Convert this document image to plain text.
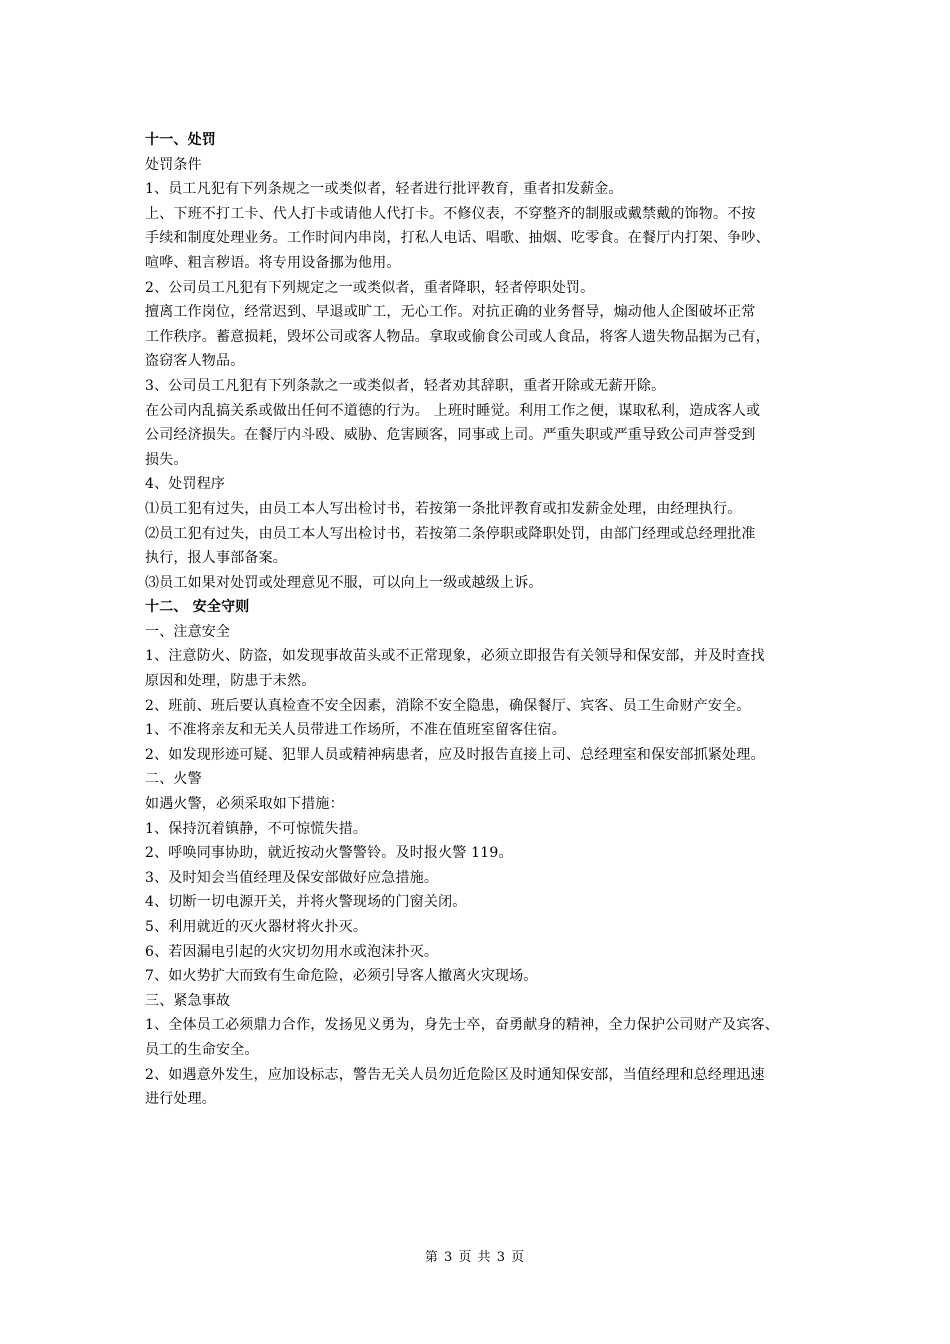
十一、处罚
处罚条件
1、员工凡犯有下列条规之一或类似者，轻者进行批评教育，重者扣发薪金。
上、下班不打工卡、代人打卡或请他人代打卡。不修仪表，不穿整齐的制服或戴禁戴的饰物。不按
手续和制度处理业务。工作时间内串岗，打私人电话、唱歌、抽烟、吃零食。在餐厅内打架、争吵、
喧哗、粗言秽语。将专用设备挪为他用。
2、公司员工凡犯有下列规定之一或类似者，重者降职，轻者停职处罚。
擅离工作岗位，经常迟到、早退或旷工，无心工作。对抗正确的业务督导，煽动他人企图破坏正常
工作秩序。蓄意损耗，毁坏公司或客人物品。拿取或偷食公司或人食品，将客人遗失物品据为己有，
盗窃客人物品。
3、公司员工凡犯有下列条款之一或类似者，轻者劝其辞职，重者开除或无薪开除。
在公司内乱搞关系或做出任何不道德的行为。 上班时睡觉。利用工作之便，谋取私利，造成客人或
公司经济损失。在餐厅内斗殴、威胁、危害顾客，同事或上司。严重失职或严重导致公司声誉受到
损失。
4、处罚程序
⑴员工犯有过失，由员工本人写出检讨书，若按第一条批评教育或扣发薪金处理，由经理执行。
⑵员工犯有过失，由员工本人写出检讨书，若按第二条停职或降职处罚，由部门经理或总经理批准
执行，报人事部备案。
⑶员工如果对处罚或处理意见不服，可以向上一级或越级上诉。
十二、 安全守则
一、注意安全
1、注意防火、防盗，如发现事故苗头或不正常现象，必须立即报告有关领导和保安部，并及时查找
原因和处理，防患于未然。
2、班前、班后要认真检查不安全因素，消除不安全隐患，确保餐厅、宾客、员工生命财产安全。
1、不准将亲友和无关人员带进工作场所，不准在值班室留客住宿。
2、如发现形迹可疑、犯罪人员或精神病患者，应及时报告直接上司、总经理室和保安部抓紧处理。
二、火警
如遇火警，必须采取如下措施：
1、保持沉着镇静，不可惊慌失措。
2、呼唤同事协助，就近按动火警警铃。及时报火警 119。
3、及时知会当值经理及保安部做好应急措施。
4、切断一切电源开关，并将火警现场的门窗关闭。
5、利用就近的灭火器材将火扑灭。
6、若因漏电引起的火灾切勿用水或泡沫扑灭。
7、如火势扩大而致有生命危险，必须引导客人撤离火灾现场。
三、紧急事故
1、全体员工必须鼎力合作，发扬见义勇为，身先士卒，奋勇献身的精神，全力保护公司财产及宾客、
员工的生命安全。
2、如遇意外发生，应加设标志，警告无关人员勿近危险区及时通知保安部，当值经理和总经理迅速
进行处理。
第 3 页 共 3 页
